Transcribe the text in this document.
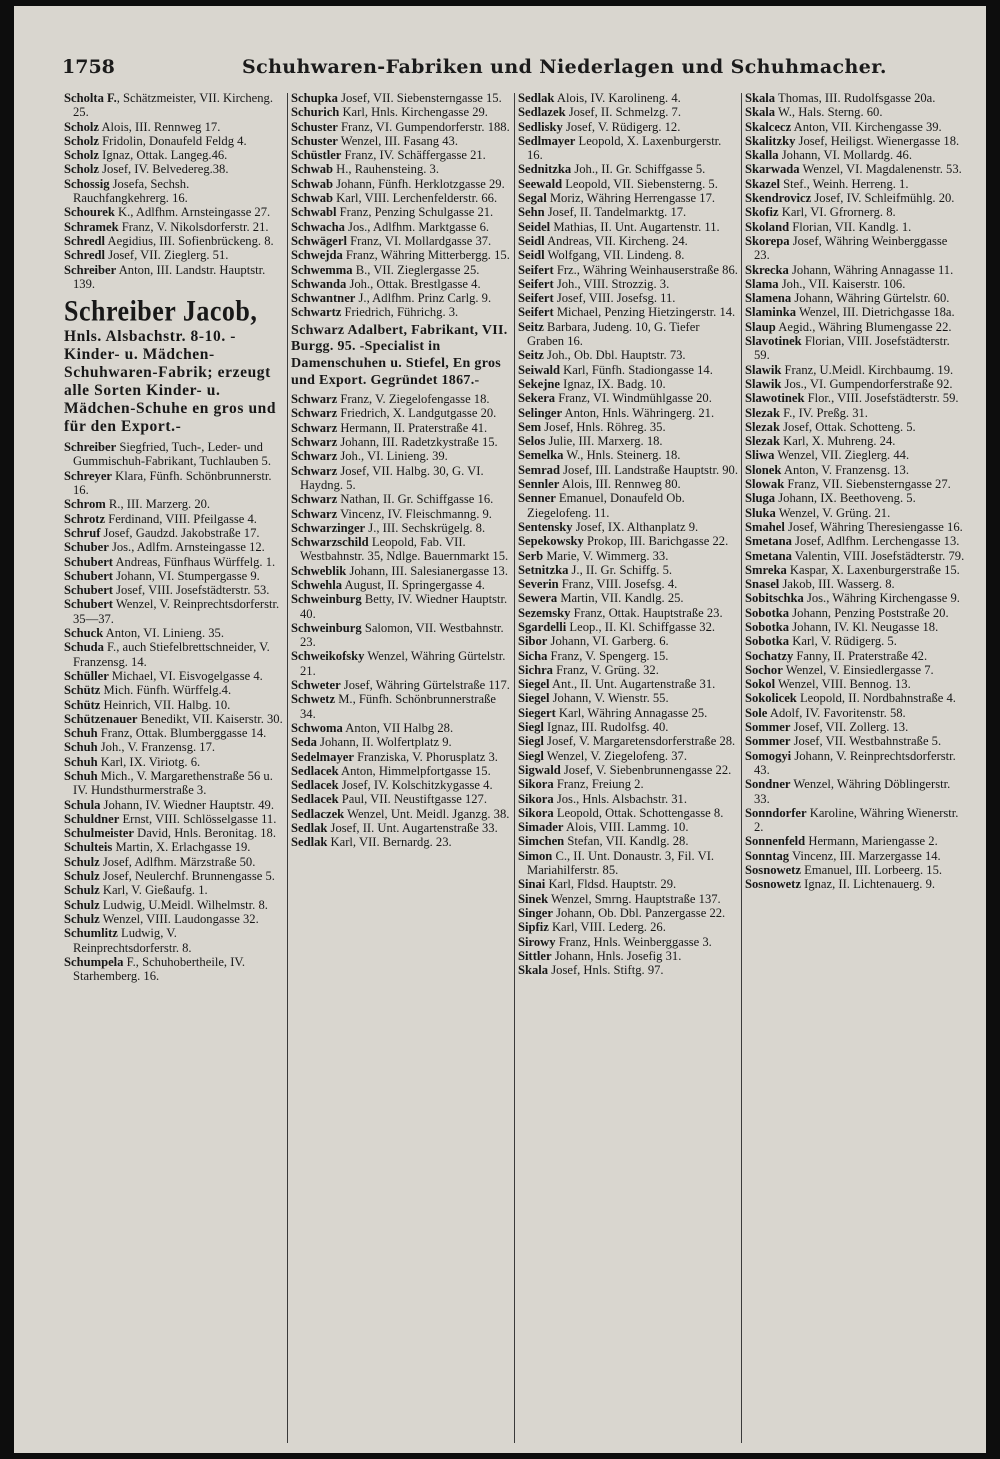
1758	Schuhwaren-Fabriken und Niederlagen und Schuhmacher.

Scholta F., Schätzmeister, VII. Kircheng. 25.

Scholz Alois, III. Rennweg 17.

Scholz Fridolin, Donaufeld Feldg 4.

Scholz Ignaz, Ottak. Langeg.46.

Scholz Josef, IV. Belvedereg.38.

Schossig Josefa, Sechsh. Rauchfangkehrerg. 16.

Schourek K., Adlfhm. Arnsteingasse 27.

Schramek Franz, V. Nikolsdorferstr. 21.

Schredl Aegidius, III. Sofienbrückeng. 8.

Schredl Josef, VII. Zieglerg. 51.

Schreiber Anton, III. Landstr. Hauptstr. 139.

Schreiber Jacob,

Hnls. Alsbachstr. 8-10. -Kinder- u. Mädchen-Schuhwaren-Fabrik; erzeugt alle Sorten Kinder- u. Mädchen-Schuhe en gros und für den Export.-

Schreiber Siegfried, Tuch-, Leder- und Gummischuh-Fabrikant, Tuchlauben 5.

Schreyer Klara, Fünfh. Schönbrunnerstr. 16.

Schrom R., III. Marzerg. 20.

Schrotz Ferdinand, VIII. Pfeilgasse 4.

Schruf Josef, Gaudzd. Jakobstraße 17.

Schuber Jos., Adlfm. Arnsteingasse 12.

Schubert Andreas, Fünfhaus Würffelg. 1.

Schubert Johann, VI. Stumpergasse 9.

Schubert Josef, VIII. Josefstädterstr. 53.

Schubert Wenzel, V. Reinprechtsdorferstr. 35—37.

Schuck Anton, VI. Linieng. 35.

Schuda F., auch Stiefelbrettschneider, V. Franzensg. 14.

Schüller Michael, VI. Eisvogelgasse 4.

Schütz Mich. Fünfh. Würffelg.4.

Schütz Heinrich, VII. Halbg. 10.

Schützenauer Benedikt, VII. Kaiserstr. 30.

Schuh Franz, Ottak. Blumberggasse 14.

Schuh Joh., V. Franzensg. 17.

Schuh Karl, IX. Viriotg. 6.

Schuh Mich., V. Margarethenstraße 56 u. IV. Hundsthurmerstraße 3.

Schula Johann, IV. Wiedner Hauptstr. 49.

Schuldner Ernst, VIII. Schlösselgasse 11.

Schulmeister David, Hnls. Beronitag. 18.

Schulteis Martin, X. Erlachgasse 19.

Schulz Josef, Adlfhm. Märzstraße 50.

Schulz Josef, Neulerchf. Brunnengasse 5.

Schulz Karl, V. Gießaufg. 1.

Schulz Ludwig, U.Meidl. Wilhelmstr. 8.

Schulz Wenzel, VIII. Laudongasse 32.

Schumlitz Ludwig, V. Reinprechtsdorferstr. 8.

Schumpela F., Schuhobertheile, IV. Starhemberg. 16.

Schupka Josef, VII. Siebensterngasse 15.

Schurich Karl, Hnls. Kirchengasse 29.

Schuster Franz, VI. Gumpendorferstr. 188.

Schuster Wenzel, III. Fasang 43.

Schüstler Franz, IV. Schäffergasse 21.

Schwab H., Rauhensteing. 3.

Schwab Johann, Fünfh. Herklotzgasse 29.

Schwab Karl, VIII. Lerchenfelderstr. 66.

Schwabl Franz, Penzing Schulgasse 21.

Schwacha Jos., Adlfhm. Marktgasse 6.

Schwägerl Franz, VI. Mollardgasse 37.

Schwejda Franz, Währing Mitterbergg. 15.

Schwemma B., VII. Zieglergasse 25.

Schwanda Joh., Ottak. Brestlgasse 4.

Schwantner J., Adlfhm. Prinz Carlg. 9.

Schwartz Friedrich, Führichg. 3.

Schwarz Adalbert, Fabrikant, VII. Burgg. 95. -Specialist in Damenschuhen u. Stiefel, En gros und Export. Gegründet 1867.-

Schwarz Franz, V. Ziegelofengasse 18.

Schwarz Friedrich, X. Landgutgasse 20.

Schwarz Hermann, II. Praterstraße 41.

Schwarz Johann, III. Radetzkystraße 15.

Schwarz Joh., VI. Linieng. 39.

Schwarz Josef, VII. Halbg. 30, G. VI. Haydng. 5.

Schwarz Nathan, II. Gr. Schiffgasse 16.

Schwarz Vincenz, IV. Fleischmanng. 9.

Schwarzinger J., III. Sechskrügelg. 8.

Schwarzschild Leopold, Fab. VII. Westbahnstr. 35, Ndlge. Bauernmarkt 15.

Schweblik Johann, III. Salesianergasse 13.

Schwehla August, II. Springergasse 4.

Schweinburg Betty, IV. Wiedner Hauptstr. 40.

Schweinburg Salomon, VII. Westbahnstr. 23.

Schweikofsky Wenzel, Währing Gürtelstr. 21.

Schweter Josef, Währing Gürtelstraße 117.

Schwetz M., Fünfh. Schönbrunnerstraße 34.

Schwoma Anton, VII Halbg 28.

Seda Johann, II. Wolfertplatz 9.

Sedelmayer Franziska, V. Phorusplatz 3.

Sedlacek Anton, Himmelpfortgasse 15.

Sedlacek Josef, IV. Kolschitzkygasse 4.

Sedlacek Paul, VII. Neustiftgasse 127.

Sedlaczek Wenzel, Unt. Meidl. Jganzg. 38.

Sedlak Josef, II. Unt. Augartenstraße 33.

Sedlak Karl, VII. Bernardg. 23.

Sedlak Alois, IV. Karolineng. 4.

Sedlazek Josef, II. Schmelzg. 7.

Sedlisky Josef, V. Rüdigerg. 12.

Sedlmayer Leopold, X. Laxenburgerstr. 16.

Sednitzka Joh., II. Gr. Schiffgasse 5.

Seewald Leopold, VII. Siebensterng. 5.

Segal Moriz, Währing Herrengasse 17.

Sehn Josef, II. Tandelmarktg. 17.

Seidel Mathias, II. Unt. Augartenstr. 11.

Seidl Andreas, VII. Kircheng. 24.

Seidl Wolfgang, VII. Lindeng. 8.

Seifert Frz., Währing Weinhauserstraße 86.

Seifert Joh., VIII. Strozzig. 3.

Seifert Josef, VIII. Josefsg. 11.

Seifert Michael, Penzing Hietzingerstr. 14.

Seitz Barbara, Judeng. 10, G. Tiefer Graben 16.

Seitz Joh., Ob. Dbl. Hauptstr. 73.

Seiwald Karl, Fünfh. Stadiongasse 14.

Sekejne Ignaz, IX. Badg. 10.

Sekera Franz, VI. Windmühlgasse 20.

Selinger Anton, Hnls. Währingerg. 21.

Sem Josef, Hnls. Röhreg. 35.

Selos Julie, III. Marxerg. 18.

Semelka W., Hnls. Steinerg. 18.

Semrad Josef, III. Landstraße Hauptstr. 90.

Sennler Alois, III. Rennweg 80.

Senner Emanuel, Donaufeld Ob. Ziegelofeng. 11.

Sentensky Josef, IX. Althanplatz 9.

Sepekowsky Prokop, III. Barichgasse 22.

Serb Marie, V. Wimmerg. 33.

Setnitzka J., II. Gr. Schiffg. 5.

Severin Franz, VIII. Josefsg. 4.

Sewera Martin, VII. Kandlg. 25.

Sezemsky Franz, Ottak. Hauptstraße 23.

Sgardelli Leop., II. Kl. Schiffgasse 32.

Sibor Johann, VI. Garberg. 6.

Sicha Franz, V. Spengerg. 15.

Sichra Franz, V. Grüng. 32.

Siegel Ant., II. Unt. Augartenstraße 31.

Siegel Johann, V. Wienstr. 55.

Siegert Karl, Währing Annagasse 25.

Siegl Ignaz, III. Rudolfsg. 40.

Siegl Josef, V. Margaretensdorferstraße 28.

Siegl Wenzel, V. Ziegelofeng. 37.

Sigwald Josef, V. Siebenbrunnengasse 22.

Sikora Franz, Freiung 2.

Sikora Jos., Hnls. Alsbachstr. 31.

Sikora Leopold, Ottak. Schottengasse 8.

Simader Alois, VIII. Lammg. 10.

Simchen Stefan, VII. Kandlg. 28.

Simon C., II. Unt. Donaustr. 3, Fil. VI. Mariahilferstr. 85.

Sinai Karl, Fldsd. Hauptstr. 29.

Sinek Wenzel, Smrng. Hauptstraße 137.

Singer Johann, Ob. Dbl. Panzergasse 22.

Sipfiz Karl, VIII. Lederg. 26.

Sirowy Franz, Hnls. Weinberggasse 3.

Sittler Johann, Hnls. Josefig 31.

Skala Josef, Hnls. Stiftg. 97.

Skala Thomas, III. Rudolfsgasse 20a.

Skala W., Hals. Sterng. 60.

Skalcecz Anton, VII. Kirchengasse 39.

Skalitzky Josef, Heiligst. Wienergasse 18.

Skalla Johann, VI. Mollardg. 46.

Skarwada Wenzel, VI. Magdalenenstr. 53.

Skazel Stef., Weinh. Herreng. 1.

Skendrovicz Josef, IV. Schleifmühlg. 20.

Skofiz Karl, VI. Gfrornerg. 8.

Skoland Florian, VII. Kandlg. 1.

Skorepa Josef, Währing Weinberggasse 23.

Skrecka Johann, Währing Annagasse 11.

Slama Joh., VII. Kaiserstr. 106.

Slamena Johann, Währing Gürtelstr. 60.

Slaminka Wenzel, III. Dietrichgasse 18a.

Slaup Aegid., Währing Blumengasse 22.

Slavotinek Florian, VIII. Josefstädterstr. 59.

Slawik Franz, U.Meidl. Kirchbaumg. 19.

Slawik Jos., VI. Gumpendorferstraße 92.

Slawotinek Flor., VIII. Josefstädterstr. 59.

Slezak F., IV. Preßg. 31.

Slezak Josef, Ottak. Schotteng. 5.

Slezak Karl, X. Muhreng. 24.

Sliwa Wenzel, VII. Zieglerg. 44.

Slonek Anton, V. Franzensg. 13.

Slowak Franz, VII. Siebensterngasse 27.

Sluga Johann, IX. Beethoveng. 5.

Sluka Wenzel, V. Grüng. 21.

Smahel Josef, Währing Theresiengasse 16.

Smetana Josef, Adlfhm. Lerchengasse 13.

Smetana Valentin, VIII. Josefstädterstr. 79.

Smreka Kaspar, X. Laxenburgerstraße 15.

Snasel Jakob, III. Wasserg. 8.

Sobitschka Jos., Währing Kirchengasse 9.

Sobotka Johann, Penzing Poststraße 20.

Sobotka Johann, IV. Kl. Neugasse 18.

Sobotka Karl, V. Rüdigerg. 5.

Sochatzy Fanny, II. Praterstraße 42.

Sochor Wenzel, V. Einsiedlergasse 7.

Sokol Wenzel, VIII. Bennog. 13.

Sokolicek Leopold, II. Nordbahnstraße 4.

Sole Adolf, IV. Favoritenstr. 58.

Sommer Josef, VII. Zollerg. 13.

Sommer Josef, VII. Westbahnstraße 5.

Somogyi Johann, V. Reinprechtsdorferstr. 43.

Sondner Wenzel, Währing Döblingerstr. 33.

Sonndorfer Karoline, Währing Wienerstr. 2.

Sonnenfeld Hermann, Mariengasse 2.

Sonntag Vincenz, III. Marzergasse 14.

Sosnowetz Emanuel, III. Lorbeerg. 15.

Sosnowetz Ignaz, II. Lichtenauerg. 9.
